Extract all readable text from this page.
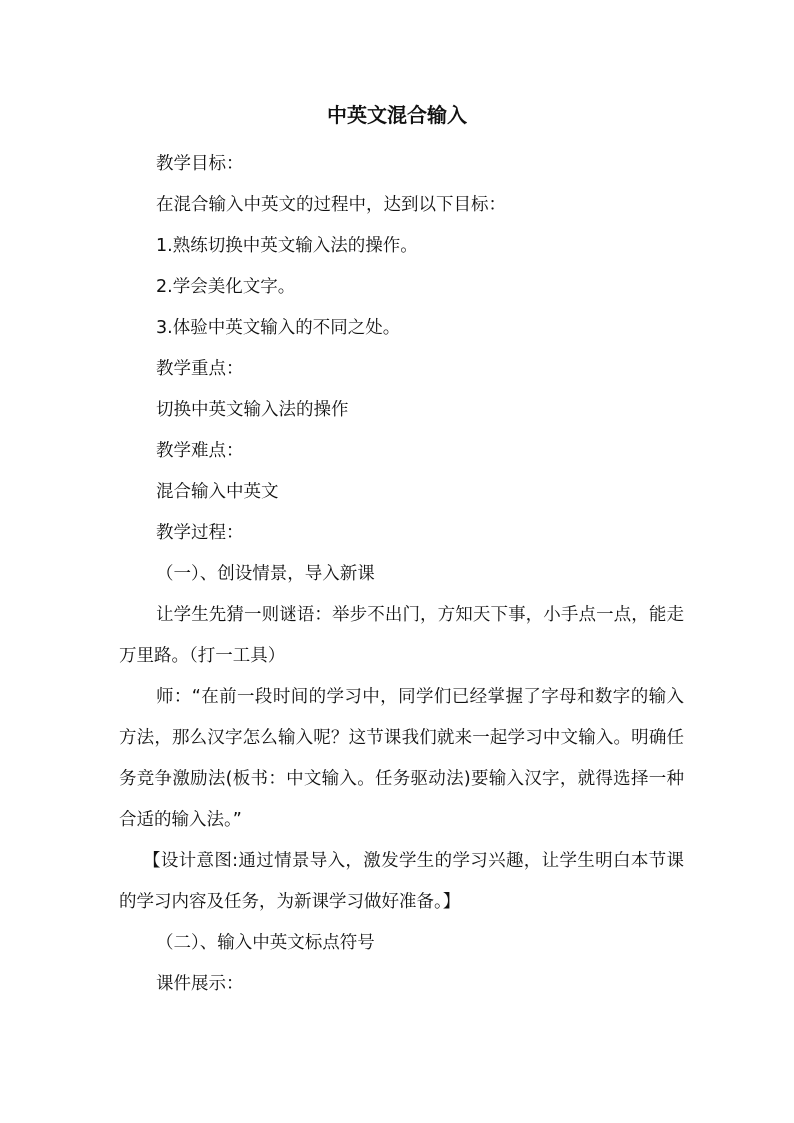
中英文混合输入

教学目标：

在混合输入中英文的过程中，达到以下目标：

1.熟练切换中英文输入法的操作。

2.学会美化文字。

3.体验中英文输入的不同之处。

教学重点：

切换中英文输入法的操作

教学难点：

混合输入中英文

教学过程：

（一）、创设情景，导入新课

让学生先猜一则谜语：举步不出门，方知天下事，小手点一点，能走万里路。（打一工具）

师：“在前一段时间的学习中，同学们已经掌握了字母和数字的输入方法，那么汉字怎么输入呢？这节课我们就来一起学习中文输入。明确任务竞争激励法(板书：中文输入。任务驱动法)要输入汉字，就得选择一种合适的输入法。”

【设计意图:通过情景导入，激发学生的学习兴趣，让学生明白本节课的学习内容及任务，为新课学习做好准备。】

（二）、输入中英文标点符号

课件展示：
